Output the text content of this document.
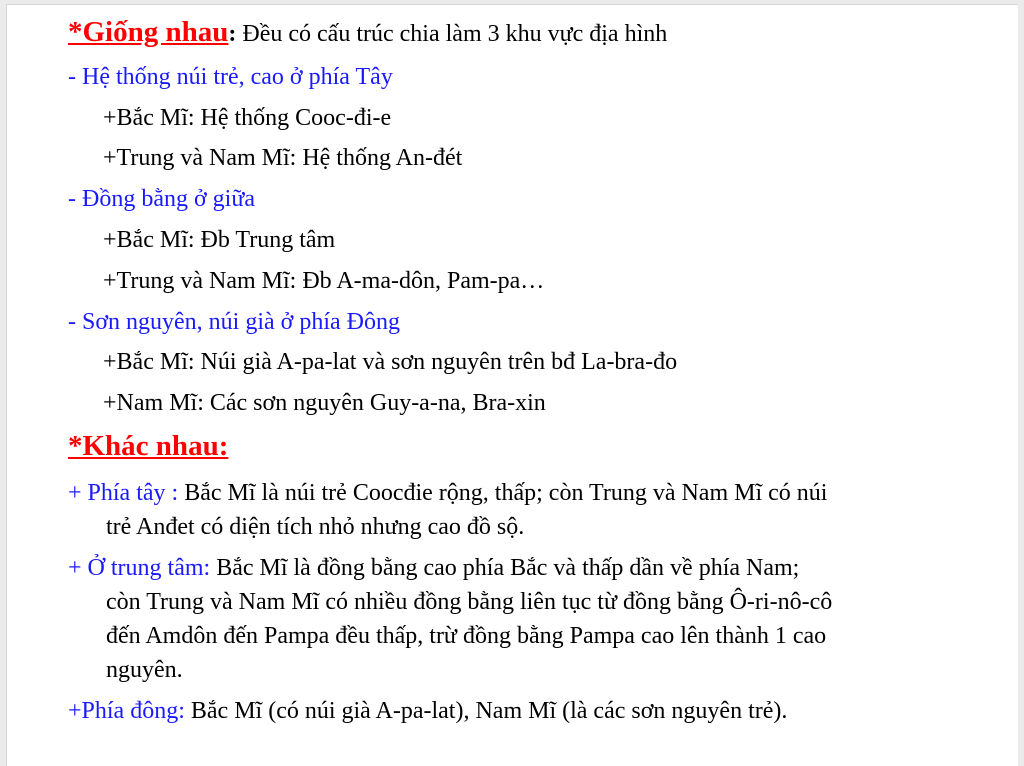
*Giống nhau: Đều có cấu trúc chia làm 3 khu vực địa hình
- Hệ thống núi trẻ, cao ở phía Tây
+Bắc Mĩ: Hệ thống Cooc-đi-e
+Trung và Nam Mĩ: Hệ thống An-đét
- Đồng bằng ở giữa
+Bắc Mĩ: Đb Trung tâm
+Trung và Nam Mĩ: Đb A-ma-dôn, Pam-pa…
- Sơn nguyên, núi già ở phía Đông
+Bắc Mĩ: Núi già A-pa-lat và sơn nguyên trên bđ La-bra-đo
+Nam Mĩ: Các sơn nguyên Guy-a-na, Bra-xin
*Khác nhau:
+ Phía tây : Bắc Mĩ là núi trẻ Coocđie rộng, thấp; còn Trung và Nam Mĩ có núi
trẻ Anđet có diện tích nhỏ nhưng cao đồ sộ.
+ Ở trung tâm: Bắc Mĩ là đồng bằng cao phía Bắc và thấp dần về phía Nam;
còn Trung và Nam Mĩ có nhiều đồng bằng liên tục từ đồng bằng Ô-ri-nô-cô
đến Amdôn đến Pampa đều thấp, trừ đồng bằng Pampa cao lên thành 1 cao
nguyên.
+Phía đông: Bắc Mĩ (có núi già A-pa-lat), Nam Mĩ (là các sơn nguyên trẻ).
